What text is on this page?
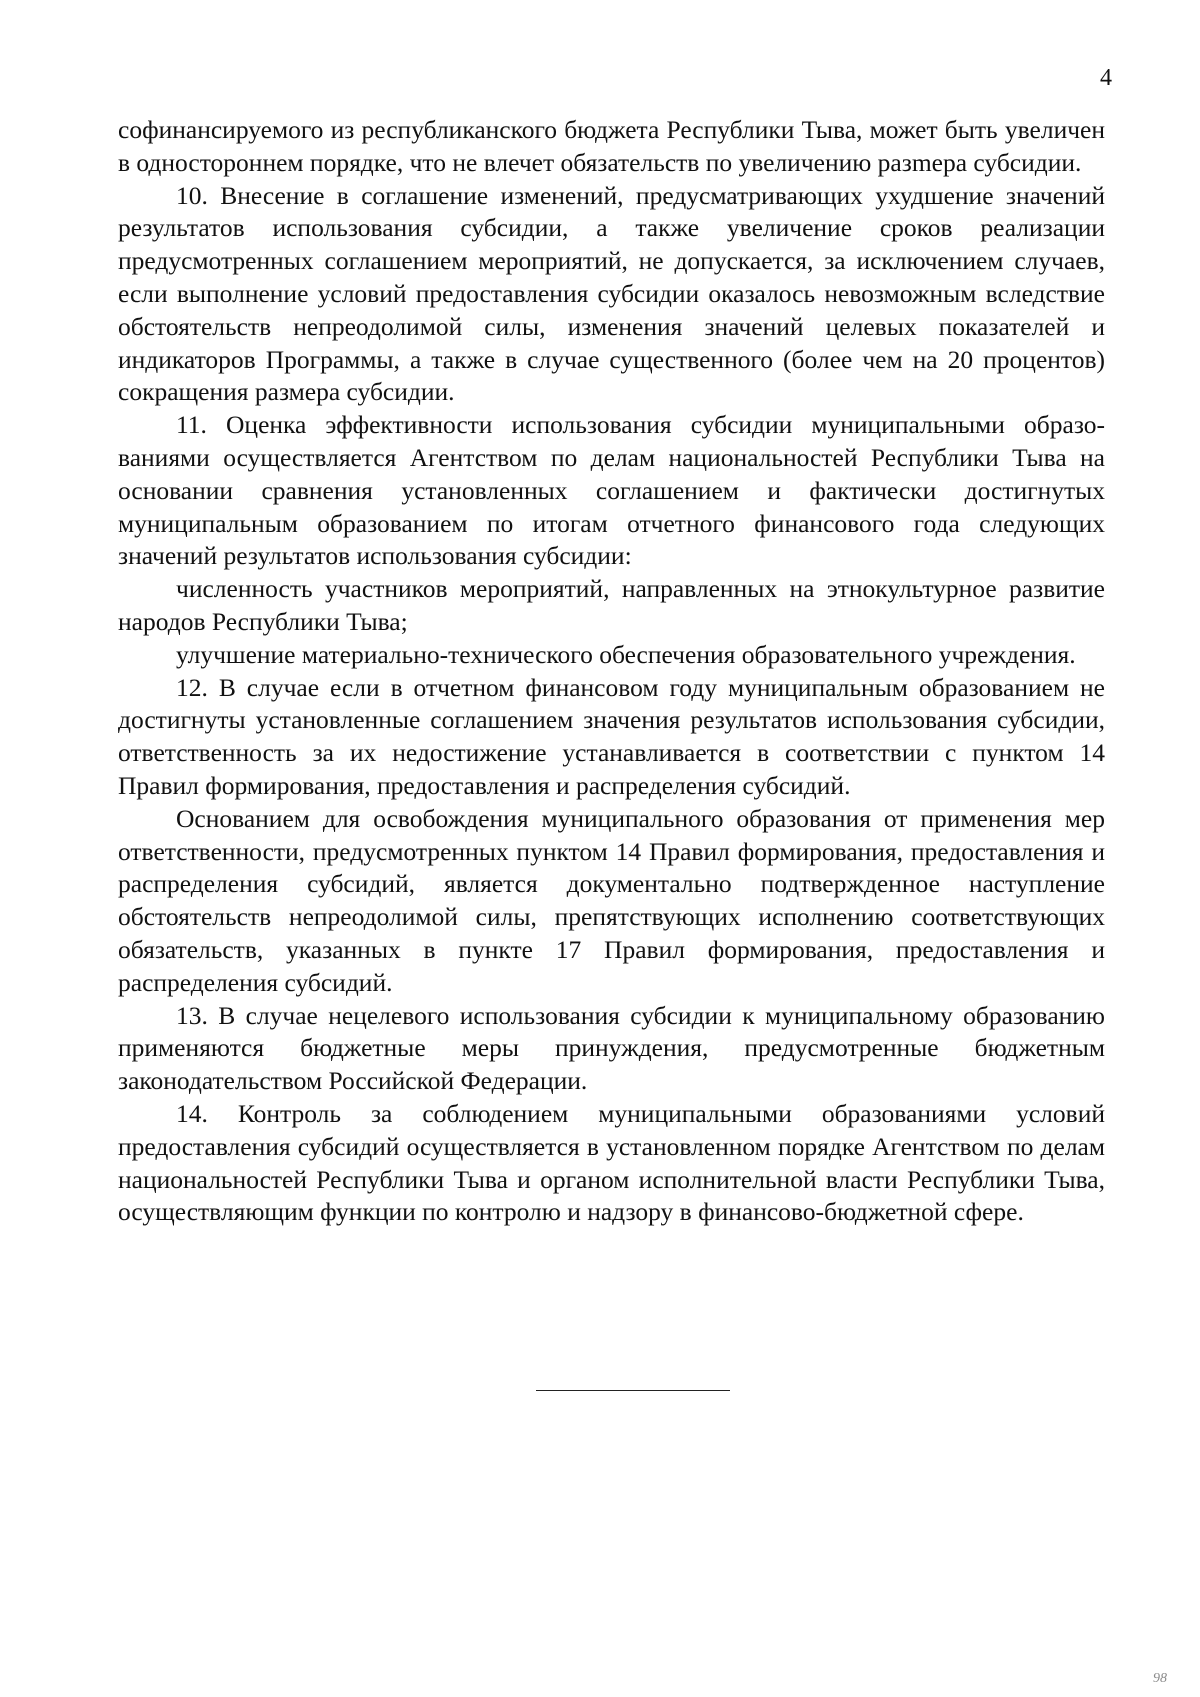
4

софинансируемого из республиканского бюджета Республики Тыва, может быть увеличен в одностороннем порядке, что не влечет обязательств по увеличению разmера субсидии.

10. Внесение в соглашение изменений, предусматривающих ухудшение значений результатов использования субсидии, а также увеличение сроков реализации предусмотренных соглашением мероприятий, не допускается, за исключением случаев, если выполнение условий предоставления субсидии оказалось невозможным вследствие обстоятельств непреодолимой силы, изменения значений целевых показателей и индикаторов Программы, а также в случае существенного (более чем на 20 процентов) сокращения размера субсидии.

11. Оценка эффективности использования субсидии муниципальными образованиями осуществляется Агентством по делам национальностей Республики Тыва на основании сравнения установленных соглашением и фактически достигнутых муниципальным образованием по итогам отчетного финансового года следующих значений результатов использования субсидии:

численность участников мероприятий, направленных на этнокультурное развитие народов Республики Тыва;

улучшение материально-технического обеспечения образовательного учреждения.

12. В случае если в отчетном финансовом году муниципальным образованием не достигнуты установленные соглашением значения результатов использования субсидии, ответственность за их недостижение устанавливается в соответствии с пунктом 14 Правил формирования, предоставления и распределения субсидий.

Основанием для освобождения муниципального образования от применения мер ответственности, предусмотренных пунктом 14 Правил формирования, предоставления и распределения субсидий, является документально подтвержденное наступление обстоятельств непреодолимой силы, препятствующих исполнению соответствующих обязательств, указанных в пункте 17 Правил формирования, предоставления и распределения субсидий.

13. В случае нецелевого использования субсидии к муниципальному образованию применяются бюджетные меры принуждения, предусмотренные бюджетным законодательством Российской Федерации.

14. Контроль за соблюдением муниципальными образованиями условий предоставления субсидий осуществляется в установленном порядке Агентством по делам национальностей Республики Тыва и органом исполнительной власти Республики Тыва, осуществляющим функции по контролю и надзору в финансово-бюджетной сфере.

98
